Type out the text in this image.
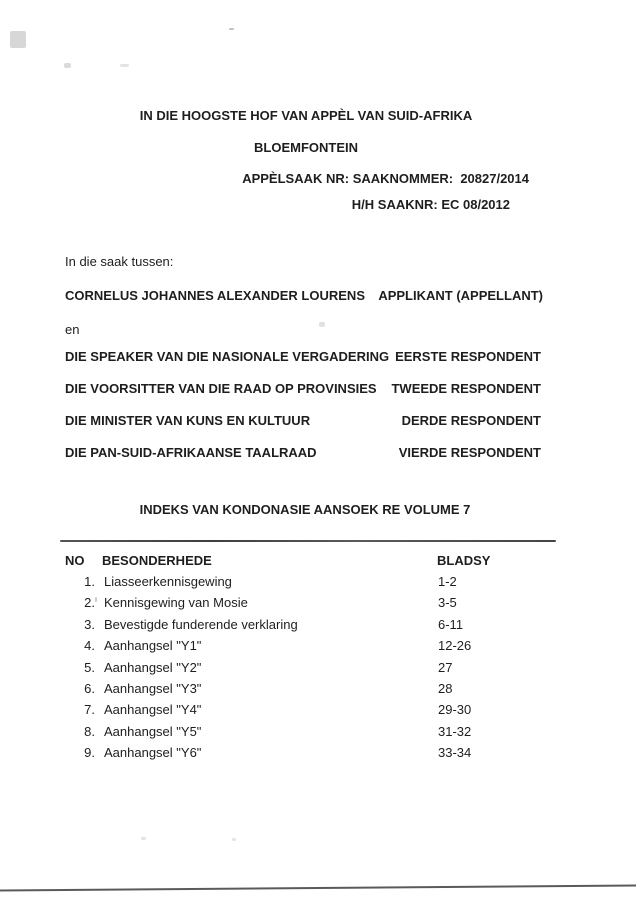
IN DIE HOOGSTE HOF VAN APPÈL VAN SUID-AFRIKA
BLOEMFONTEIN
APPÈLSAAK NR: SAAKNOMMER:  20827/2014
H/H SAAKNR: EC 08/2012
In die saak tussen:
CORNELUS JOHANNES ALEXANDER LOURENS APPLIKANT (APPELLANT)
en
DIE SPEAKER VAN DIE NASIONALE VERGADERING EERSTE RESPONDENT
DIE VOORSITTER VAN DIE RAAD OP PROVINSIES TWEEDE RESPONDENT
DIE MINISTER VAN KUNS EN KULTUUR	DERDE RESPONDENT
DIE PAN-SUID-AFRIKAANSE TAALRAAD	VIERDE RESPONDENT
INDEKS VAN KONDONASIE AANSOEK RE VOLUME 7
NO BESONDERHEDE	BLADSY
1. Liasseerkennisgewing	1-2
2. Kennisgewing van Mosie	3-5
3. Bevestigde funderende verklaring	6-11
4. Aanhangsel "Y1"	12-26
5. Aanhangsel "Y2"	27
6. Aanhangsel "Y3"	28
7. Aanhangsel "Y4"	29-30
8. Aanhangsel "Y5"	31-32
9. Aanhangsel "Y6"	33-34
